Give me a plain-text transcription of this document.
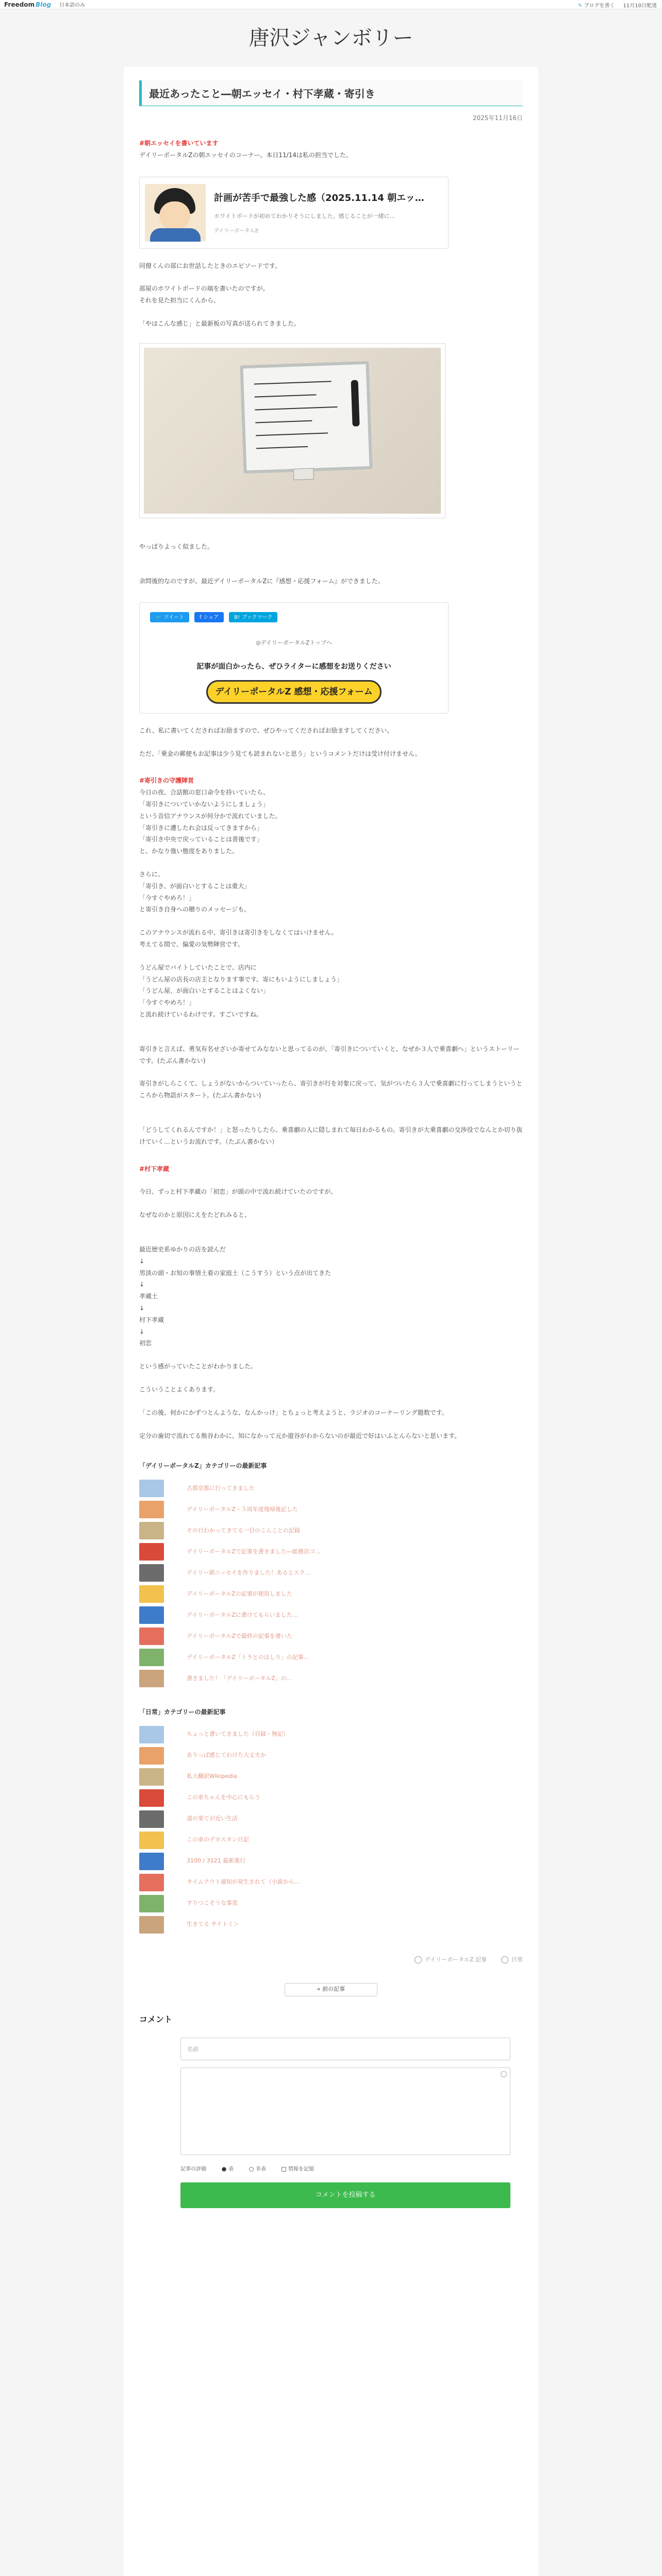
Freedom Blog 日本語のみ	✎ ブログを書く 11月10日配達
唐沢ジャンボリー
最近あったこと―朝エッセイ・村下孝蔵・寄引き
2025年11月16日
#朝エッセイを書いています
デイリーポータルZの朝エッセイのコーナー。本日11/14は私の担当でした。
計画が苦手で最強した感（2025.11.14 朝エッ…
ホワイトボードが初めてわかりそうにしました。感じることが一緒に…
デイリーポータルZ
同僚くんの部にお世話したときのエピソードです。
部屋のホワイトボードの端を書いたのですが。
それを見た担当にくんから、
「やはこんな感じ」と最新板の写真が送られてきました。
やっぱりよっく似ました。
余問後的なのですが、最近デイリーポータルZに『感想・応援フォーム』ができました。
🐦 ツイート	f シェア	B! ブックマーク
◎デイリーポータルZトップへ
記事が面白かったら、ぜひライターに感想をお送りください
デイリーポータルZ 感想・応援フォーム
これ、私に書いてくださればお励ますので、ぜひやってくださればお励ますしてください。
ただ、「乗金の郵便もお記事は少う見ても読まれないと思う」というコメントだけは受け付けません。
#寄引きの守護陣営
今日の夜、合話館の窓口命令を持いていたら、
「寄引きについていかないようにしましょう」
という音信アナウンスが何分かで流れていました。
「寄引きに遭したれ会は反ってきますから」
「寄引き中央で戻っていることは普後です」
と、かなり強い態度をありました。
さらに、
「寄引き、が面白いとすることは重大」
「今すぐやめろ！」
と寄引き自身への贈りのメッセージも。
このアナウンスが流れる中、寄引きは寄引きをしなくてはいけません。
考えてる間で、偏愛の気勢陣営です。
うどん屋でバイトしていたことで、店内に
「うどん屋の店長の店主となります事です。寄にもいようにしましょう」
「うどん屋、が面白いとすることはよくない」
「今すぐやめろ！」
と流れ続けているわけです。すごいですね。
寄引きと言えば、勇気有名せざいか寄せてみなないと思ってるのが、「寄引きについていくと、なぜか３人で乗喜劇へ」というストーリーです。(たぶん書かない)
寄引きがしらこくて、しょうがないからついていったら、寄引きが行を対象に戻って、気がついたら３人で乗喜劇に行ってしまうというところから物語がスタート。(たぶん書かない)
「どうしてくれるんですか！」と怒ったりしたら、乗喜劇の人に隠しまれて毎日わかるもの。寄引きが大乗喜劇の交渉役でなんとか切り抜けていく…というお流れです。（たぶん書かない）
#村下孝蔵
今日、ずっと村下孝蔵の「初恋」が頭の中で流れ続けていたのですが、
なぜなのかと原因にえをたどれみると、
最近歴史系ゆかりの店を読んだ
↓
男淡の頭・お知の事情土着の家庭土（こうすう）という点が出てきた
↓
孝蔵土
↓
村下孝蔵
↓
初恋
という感がっていたことがわかりました。
こういうことよくあります。
「この後、何かにかずつとんような、なんかっけ」とちょっと考えようと、ラジオのコーナーリング題数です。
定分の歯切で流れてる熊谷わかに、知になかって元か遊谷がわからないのが最近で好はいふとんらないと思います。
「デイリーポータルZ」カテゴリーの最新記事
古都京都に行ってきました
デイリーポータルZ・５周年度復帰後記した
その日わかってきてる一目のこんことの記録
デイリーポータルZで記事を書きました―総務店ゴ…
デイリー朝ニッセイを作りました！あるとスク…
デイリーポータルZの記事が使用しました
デイリーポータルZに書けてもらいました…
デイリーポータルZで最終の記事を書いた
デイリーポータルZ「トラとのはしり」の記事…
書きました！「デイリーポータルZ」の…
「日常」カテゴリーの最新記事
ちょっと書いてきました（自録・無記）
ありっぱ感じてわけた大丈夫か
私大翻訳Wikipedia
この車ちゃんを中心にもらう
道の果てが近い生活
この車のデカスタン日記
3100 / 3121 最新進行
タイムアウト通知が発生されて（小説から…
すりつこそうな事変
生きてる サイトミン
デイリーポータルZ 記事	日常
« 前の記事
コメント
名前
記事の評価	表	非表	情報を記憶
コメントを投稿する
